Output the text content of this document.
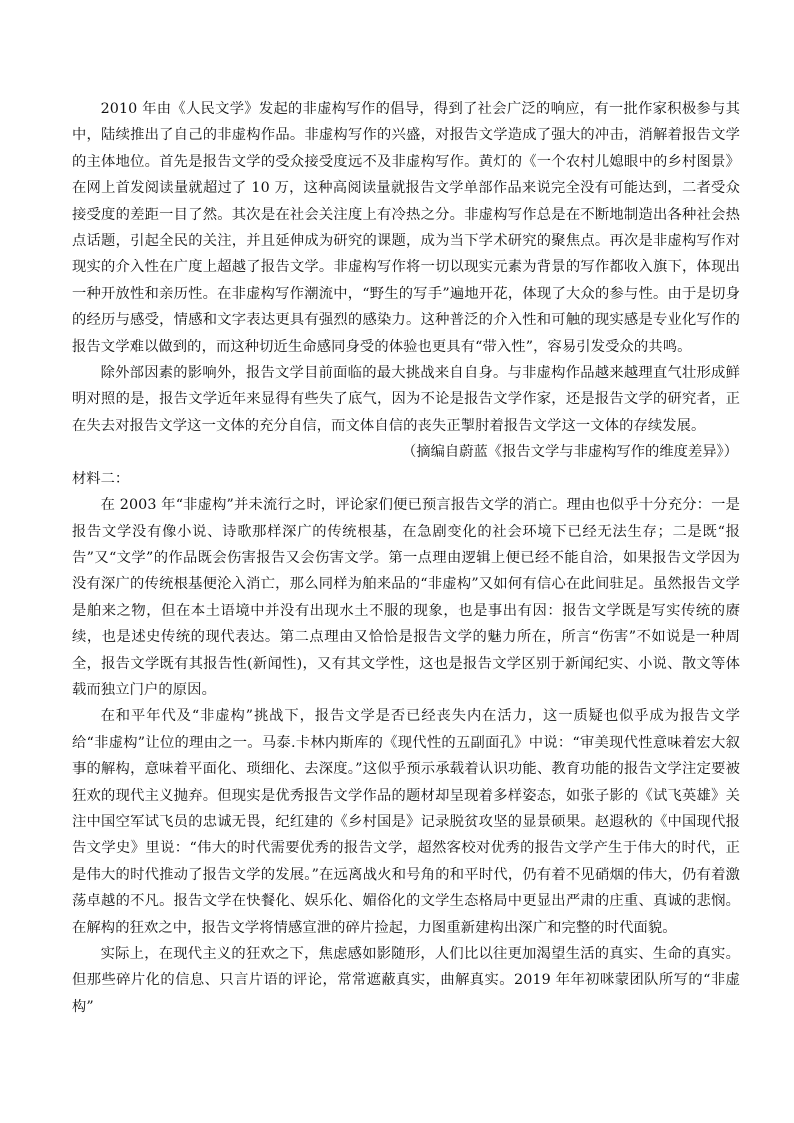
2010 年由《人民文学》发起的非虚构写作的倡导，得到了社会广泛的响应，有一批作家积极参与其中，陆续推出了自己的非虚构作品。非虚构写作的兴盛，对报告文学造成了强大的冲击，消解着报告文学的主体地位。首先是报告文学的受众接受度远不及非虚构写作。黄灯的《一个农村儿媳眼中的乡村图景》在网上首发阅读量就超过了 10 万，这种高阅读量就报告文学单部作品来说完全没有可能达到，二者受众接受度的差距一目了然。其次是在社会关注度上有冷热之分。非虚构写作总是在不断地制造出各种社会热点话题，引起全民的关注，并且延伸成为研究的课题，成为当下学术研究的聚焦点。再次是非虚构写作对现实的介入性在广度上超越了报告文学。非虚构写作将一切以现实元素为背景的写作都收入旗下，体现出一种开放性和亲历性。在非虚构写作潮流中，“野生的写手”遍地开花，体现了大众的参与性。由于是切身的经历与感受，情感和文字表达更具有强烈的感染力。这种普泛的介入性和可触的现实感是专业化写作的报告文学难以做到的，而这种切近生命感同身受的体验也更具有“带入性”，容易引发受众的共鸣。

除外部因素的影响外，报告文学目前面临的最大挑战来自自身。与非虚构作品越来越理直气壮形成鲜明对照的是，报告文学近年来显得有些失了底气，因为不论是报告文学作家，还是报告文学的研究者，正在失去对报告文学这一文体的充分自信，而文体自信的丧失正掣肘着报告文学这一文体的存续发展。

（摘编自蔚蓝《报告文学与非虚构写作的维度差异》）

材料二：

在 2003 年“非虚构”并未流行之时，评论家们便已预言报告文学的消亡。理由也似乎十分充分：一是报告文学没有像小说、诗歌那样深广的传统根基，在急剧变化的社会环境下已经无法生存；二是既“报告”又“文学”的作品既会伤害报告又会伤害文学。第一点理由逻辑上便已经不能自洽，如果报告文学因为没有深广的传统根基便沦入消亡，那么同样为舶来品的“非虚构”又如何有信心在此间驻足。虽然报告文学是舶来之物，但在本土语境中并没有出现水土不服的现象，也是事出有因：报告文学既是写实传统的赓续，也是述史传统的现代表达。第二点理由又恰恰是报告文学的魅力所在，所言“伤害”不如说是一种周全，报告文学既有其报告性(新闻性)，又有其文学性，这也是报告文学区别于新闻纪实、小说、散文等体载而独立门户的原因。

在和平年代及“非虚构”挑战下，报告文学是否已经丧失内在活力，这一质疑也似乎成为报告文学给“非虚构”让位的理由之一。马泰.卡林内斯库的《现代性的五副面孔》中说：“审美现代性意味着宏大叙事的解构，意味着平面化、琐细化、去深度。”这似乎预示承载着认识功能、教育功能的报告文学注定要被狂欢的现代主义抛弃。但现实是优秀报告文学作品的题材却呈现着多样姿态，如张子影的《试飞英雄》关注中国空军试飞员的忠诚无畏，纪红建的《乡村国是》记录脱贫攻坚的显景硕果。赵遐秋的《中国现代报告文学史》里说：“伟大的时代需要优秀的报告文学，超然客校对优秀的报告文学产生于伟大的时代，正是伟大的时代推动了报告文学的发展。”在远离战火和号角的和平时代，仍有着不见硝烟的伟大，仍有着激荡卓越的不凡。报告文学在快餐化、娱乐化、媚俗化的文学生态格局中更显出严肃的庄重、真诚的悲悯。在解构的狂欢之中，报告文学将情感宣泄的碎片捡起，力图重新建构出深广和完整的时代面貌。

实际上，在现代主义的狂欢之下，焦虑感如影随形，人们比以往更加渴望生活的真实、生命的真实。但那些碎片化的信息、只言片语的评论，常常遮蔽真实，曲解真实。2019 年年初咪蒙团队所写的“非虚构”
